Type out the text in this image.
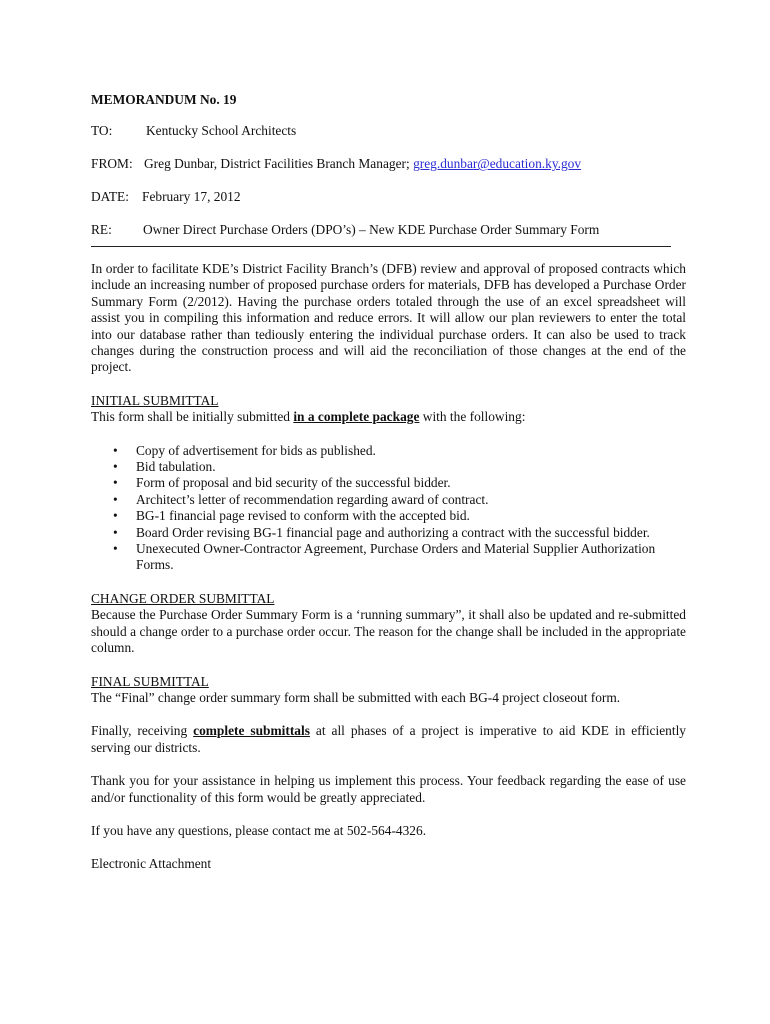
MEMORANDUM No. 19

TO:	Kentucky School Architects
FROM: Greg Dunbar, District Facilities Branch Manager; greg.dunbar@education.ky.gov
DATE: February 17, 2012
RE: Owner Direct Purchase Orders (DPO’s) – New KDE Purchase Order Summary Form

In order to facilitate KDE’s District Facility Branch’s (DFB) review and approval of proposed contracts which include an increasing number of proposed purchase orders for materials, DFB has developed a Purchase Order Summary Form (2/2012). Having the purchase orders totaled through the use of an excel spreadsheet will assist you in compiling this information and reduce errors. It will allow our plan reviewers to enter the total into our database rather than tediously entering the individual purchase orders. It can also be used to track changes during the construction process and will aid the reconciliation of those changes at the end of the project.

INITIAL SUBMITTAL

This form shall be initially submitted in a complete package with the following:

• Copy of advertisement for bids as published.
• Bid tabulation.
• Form of proposal and bid security of the successful bidder.
• Architect’s letter of recommendation regarding award of contract.
• BG-1 financial page revised to conform with the accepted bid.
• Board Order revising BG-1 financial page and authorizing a contract with the successful bidder.
• Unexecuted Owner-Contractor Agreement, Purchase Orders and Material Supplier Authorization Forms.

CHANGE ORDER SUBMITTAL

Because the Purchase Order Summary Form is a ‘running summary”, it shall also be updated and re-submitted should a change order to a purchase order occur. The reason for the change shall be included in the appropriate column.

FINAL SUBMITTAL

The “Final” change order summary form shall be submitted with each BG-4 project closeout form.

Finally, receiving complete submittals at all phases of a project is imperative to aid KDE in efficiently serving our districts.

Thank you for your assistance in helping us implement this process. Your feedback regarding the ease of use and/or functionality of this form would be greatly appreciated.

If you have any questions, please contact me at 502-564-4326.

Electronic Attachment
